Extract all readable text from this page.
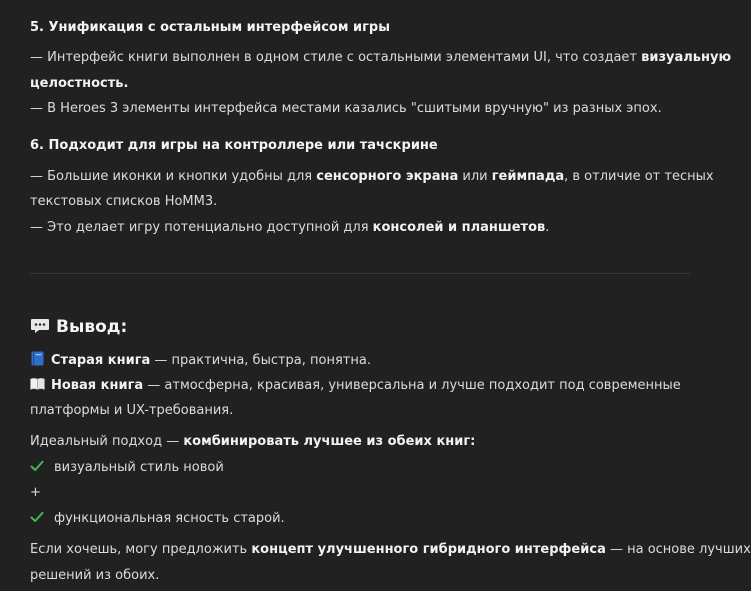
5. Унификация с остальным интерфейсом игры
— Интерфейс книги выполнен в одном стиле с остальными элементами UI, что создает визуальную
целостность.
— В Heroes 3 элементы интерфейса местами казались "сшитыми вручную" из разных эпох.
6. Подходит для игры на контроллере или тачскрине
— Большие иконки и кнопки удобны для сенсорного экрана или геймпада, в отличие от тесных
текстовых списков HoMM3.
— Это делает игру потенциально доступной для консолей и планшетов.
Вывод:
Старая книга — практична, быстра, понятна.
Новая книга — атмосферна, красивая, универсальна и лучше подходит под современные
платформы и UX-требования.
Идеальный подход — комбинировать лучшее из обеих книг:
визуальный стиль новой
+
функциональная ясность старой.
Если хочешь, могу предложить концепт улучшенного гибридного интерфейса — на основе лучших
решений из обоих.
